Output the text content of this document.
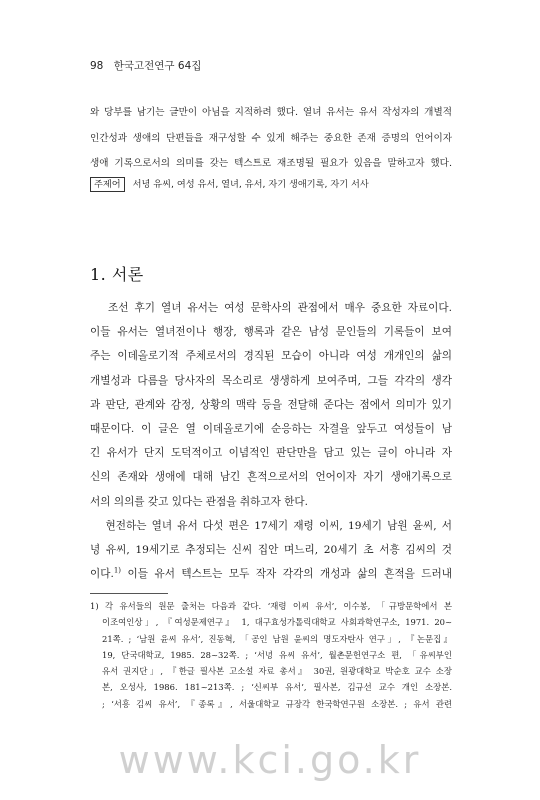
98 한국고전연구 64집
와 당부를 남기는 글만이 아님을 지적하려 했다. 열녀 유서는 유서 작성자의 개별적
인간성과 생애의 단편들을 재구성할 수 있게 해주는 중요한 존재 증명의 언어이자
생애 기록으로서의 의미를 갖는 텍스트로 재조명될 필요가 있음을 말하고자 했다.
주제어 서녕 유씨, 여성 유서, 열녀, 유서, 자기 생애기록, 자기 서사
1. 서론
조선 후기 열녀 유서는 여성 문학사의 관점에서 매우 중요한 자료이다.
이들 유서는 열녀전이나 행장, 행록과 같은 남성 문인들의 기록들이 보여
주는 이데올로기적 주체로서의 경직된 모습이 아니라 여성 개개인의 삶의
개별성과 다름을 당사자의 목소리로 생생하게 보여주며, 그들 각각의 생각
과 판단, 관계와 감정, 상황의 맥락 등을 전달해 준다는 점에서 의미가 있기
때문이다. 이 글은 열 이데올로기에 순응하는 자결을 앞두고 여성들이 남
긴 유서가 단지 도덕적이고 이념적인 판단만을 담고 있는 글이 아니라 자
신의 존재와 생애에 대해 남긴 흔적으로서의 언어이자 자기 생애기록으로
서의 의의를 갖고 있다는 관점을 취하고자 한다.
현전하는 열녀 유서 다섯 편은 17세기 재령 이씨, 19세기 남원 윤씨, 서
녕 유씨, 19세기로 추정되는 신씨 집안 며느리, 20세기 초 서흥 김씨의 것
이다.$^{1)}$ 이들 유서 텍스트는 모두 작자 각각의 개성과 삶의 흔적을 드러내
1) 각 유서들의 원문 출처는 다음과 같다. ‘재령 이씨 유서’, 이수봉, 「규방문학에서 본
이조여인상」, 『여성문제연구』 1, 대구효성가톨릭대학교 사회과학연구소, 1971. 20~
21쪽. ; ‘남원 윤씨 유서’, 진동혁, 「공인 남원 윤씨의 명도자탄사 연구」, 『논문집』
19, 단국대학교, 1985. 28~32쪽. ; ‘서녕 유씨 유서’, 월촌문헌연구소 편, 「유씨부인
유서 권지단」, 『한글 필사본 고소설 자료 총서』 30권, 원광대학교 박순호 교수 소장
본, 오성사, 1986. 181~213쪽. ; ‘신씨부 유서’, 필사본, 김규선 교수 개인 소장본.
; ‘서흥 김씨 유서’, 『종록』, 서울대학교 규장각 한국학연구원 소장본. ; 유서 관련
www.kci.go.kr
